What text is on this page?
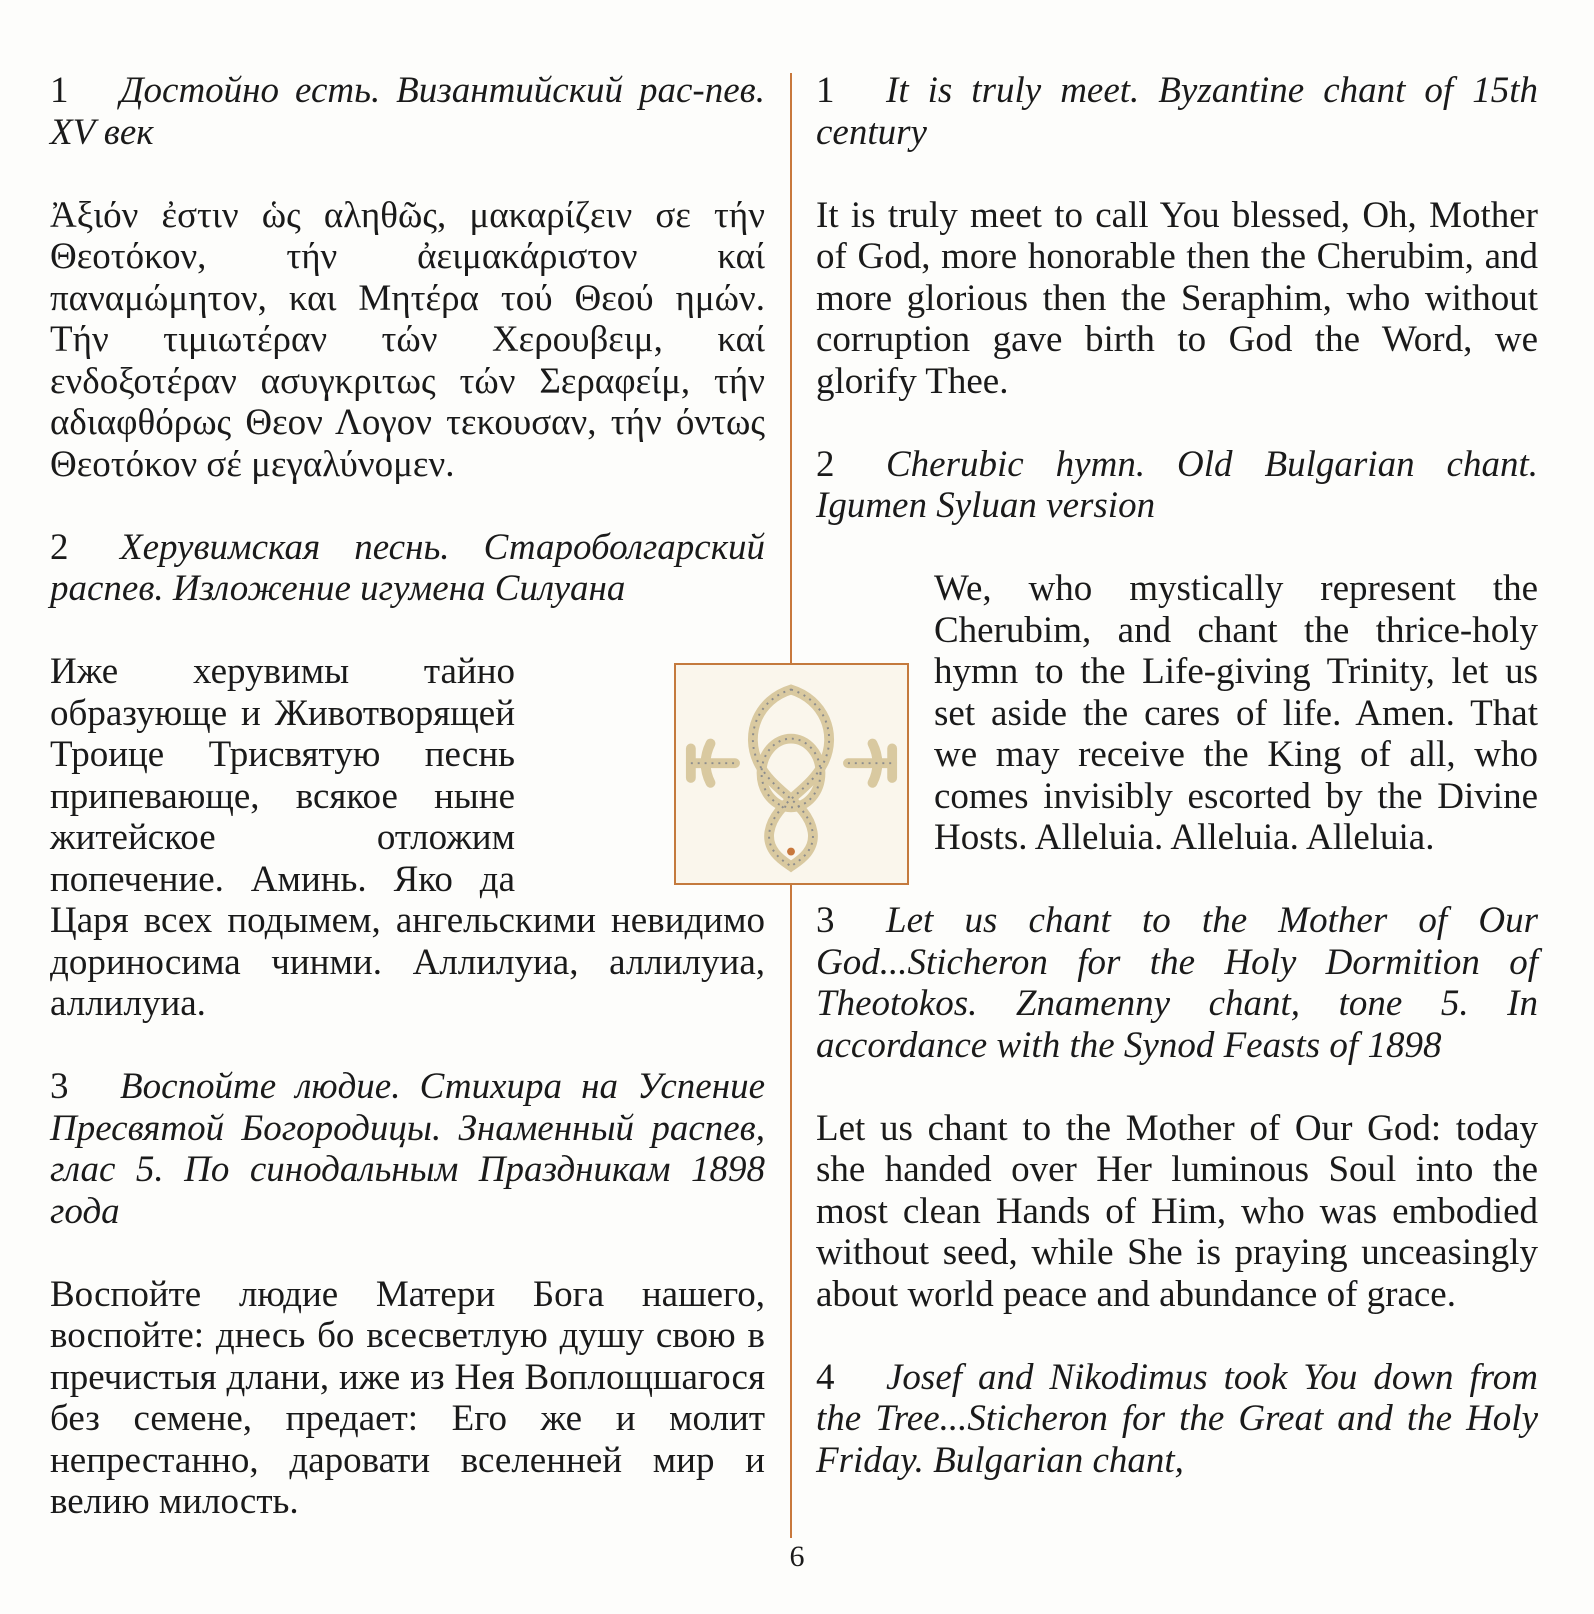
1 Достойно есть. Византийский рас-пев. XV век

Ἀξιόν ἐστιν ὡς αληθῶς, μακαρίζειν σε τήν Θεοτόκον, τήν ἀειμακάριστον καί παναμώμητον, και Μητέρα τού Θεού ημών. Τήν τιμιωτέραν τών Χερουβειμ, καί ενδοξοτέραν ασυγκριτως τών Σεραφείμ, τήν αδιαφθόρως Θεον Λογον τεκουσαν, τήν όντως Θεοτόκον σέ μεγαλύνομεν.

2 Херувимская песнь. Староболгарский распев. Изложение игумена Силуана

Иже херувимы тайно образующе и Животворящей Троице Трисвятую песнь припевающе, всякое ныне житейское отложим попечение. Аминь. Яко да Царя всех подымем, ангельскими невидимо дориносима чинми. Аллилуиа, аллилуиа, аллилуиа.

3 Воспойте людие. Стихира на Успение Пресвятой Богородицы. Знаменный распев, глас 5. По синодальным Праздникам 1898 года

Воспойте людие Матери Бога нашего, воспойте: днесь бо всесветлую душу свою в пречистыя длани, иже из Нея Воплощшагося без семене, предает: Его же и молит непрестанно, даровати вселенней мир и велию милость.

1 It is truly meet. Byzantine chant of 15th century

It is truly meet to call You blessed, Oh, Mother of God, more honorable then the Cherubim, and more glorious then the Seraphim, who without corruption gave birth to God the Word, we glorify Thee.

2 Cherubic hymn. Old Bulgarian chant. Igumen Syluan version

We, who mystically represent the Cherubim, and chant the thrice-holy hymn to the Life-giving Trinity, let us set aside the cares of life. Amen. That we may receive the King of all, who comes invisibly escorted by the Divine Hosts. Alleluia. Alleluia. Alleluia.

3 Let us chant to the Mother of Our God...Sticheron for the Holy Dormition of Theotokos. Znamenny chant, tone 5. In accordance with the Synod Feasts of 1898

Let us chant to the Mother of Our God: today she handed over Her luminous Soul into the most clean Hands of Him, who was embodied without seed, while She is praying unceasingly about world peace and abundance of grace.

4 Josef and Nikodimus took You down from the Tree...Sticheron for the Great and the Holy Friday. Bulgarian chant,

6
